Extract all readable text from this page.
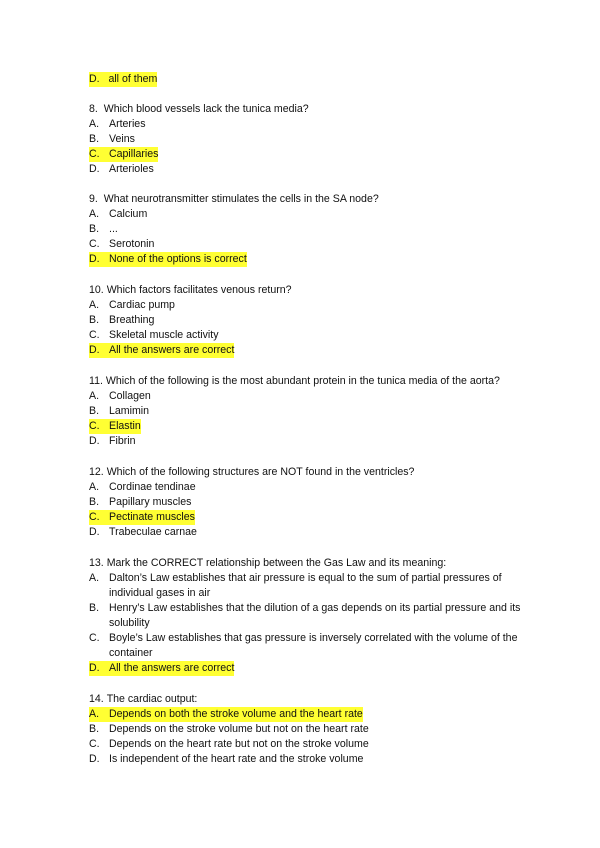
D. all of them
8. Which blood vessels lack the tunica media?
A. Arteries
B. Veins
C. Capillaries
D. Arterioles
9. What neurotransmitter stimulates the cells in the SA node?
A. Calcium
B. ...
C. Serotonin
D. None of the options is correct
10. Which factors facilitates venous return?
A. Cardiac pump
B. Breathing
C. Skeletal muscle activity
D. All the answers are correct
11. Which of the following is the most abundant protein in the tunica media of the aorta?
A. Collagen
B. Lamimin
C. Elastin
D. Fibrin
12. Which of the following structures are NOT found in the ventricles?
A. Cordinae tendinae
B. Papillary muscles
C. Pectinate muscles
D. Trabeculae carnae
13. Mark the CORRECT relationship between the Gas Law and its meaning:
A. Dalton’s Law establishes that air pressure is equal to the sum of partial pressures of individual gases in air
B. Henry’s Law establishes that the dilution of a gas depends on its partial pressure and its solubility
C. Boyle’s Law establishes that gas pressure is inversely correlated with the volume of the container
D. All the answers are correct
14. The cardiac output:
A. Depends on both the stroke volume and the heart rate
B. Depends on the stroke volume but not on the heart rate
C. Depends on the heart rate but not on the stroke volume
D. Is independent of the heart rate and the stroke volume
